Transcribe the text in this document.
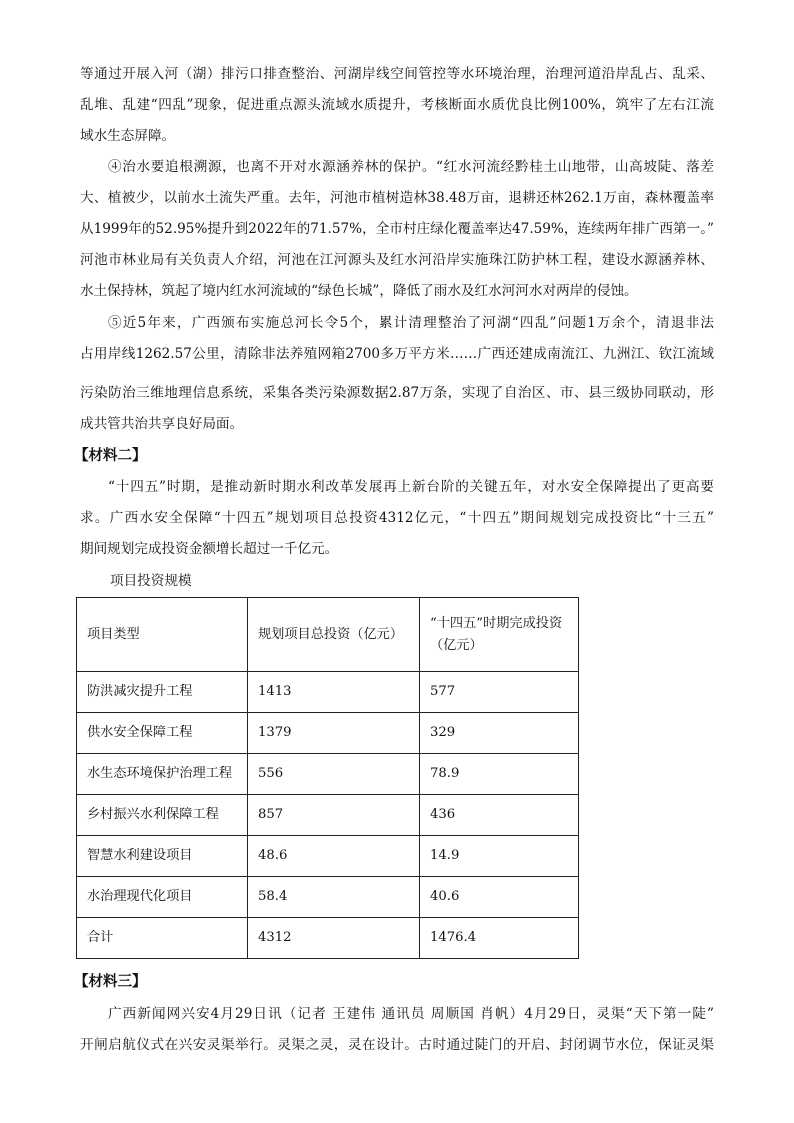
等通过开展入河（湖）排污口排查整治、河湖岸线空间管控等水环境治理，治理河道沿岸乱占、乱采、
乱堆、乱建“四乱”现象，促进重点源头流域水质提升，考核断面水质优良比例100%，筑牢了左右江流
域水生态屏障。
④治水要追根溯源，也离不开对水源涵养林的保护。“红水河流经黔桂土山地带，山高坡陡、落差
大、植被少，以前水土流失严重。去年，河池市植树造林38.48万亩，退耕还林262.1万亩，森林覆盖率
从1999年的52.95%提升到2022年的71.57%，全市村庄绿化覆盖率达47.59%，连续两年排广西第一。”
河池市林业局有关负责人介绍，河池在江河源头及红水河沿岸实施珠江防护林工程，建设水源涵养林、
水土保持林，筑起了境内红水河流域的“绿色长城”，降低了雨水及红水河河水对两岸的侵蚀。
⑤近5年来，广西颁布实施总河长令5个，累计清理整治了河湖“四乱”问题1万余个，清退非法
占用岸线1262.57公里，清除非法养殖网箱2700多万平方米……广西还建成南流江、九洲江、钦江流域
污染防治三维地理信息系统，采集各类污染源数据2.87万条，实现了自治区、市、县三级协同联动，形
成共管共治共享良好局面。
【材料二】
“十四五”时期，是推动新时期水利改革发展再上新台阶的关键五年，对水安全保障提出了更高要
求。广西水安全保障“十四五”规划项目总投资4312亿元，“十四五”期间规划完成投资比“十三五”
期间规划完成投资金额增长超过一千亿元。
项目投资规模
项目类型	规划项目总投资（亿元）	“十四五”时期完成投资（亿元）
防洪减灾提升工程	1413	577
供水安全保障工程	1379	329
水生态环境保护治理工程	556	78.9
乡村振兴水利保障工程	857	436
智慧水利建设项目	48.6	14.9
水治理现代化项目	58.4	40.6
合计	4312	1476.4
【材料三】
广西新闻网兴安4月29日讯（记者 王建伟 通讯员 周顺国 肖帆）4月29日，灵渠“天下第一陡”
开闸启航仪式在兴安灵渠举行。灵渠之灵，灵在设计。古时通过陡门的开启、封闭调节水位，保证灵渠
